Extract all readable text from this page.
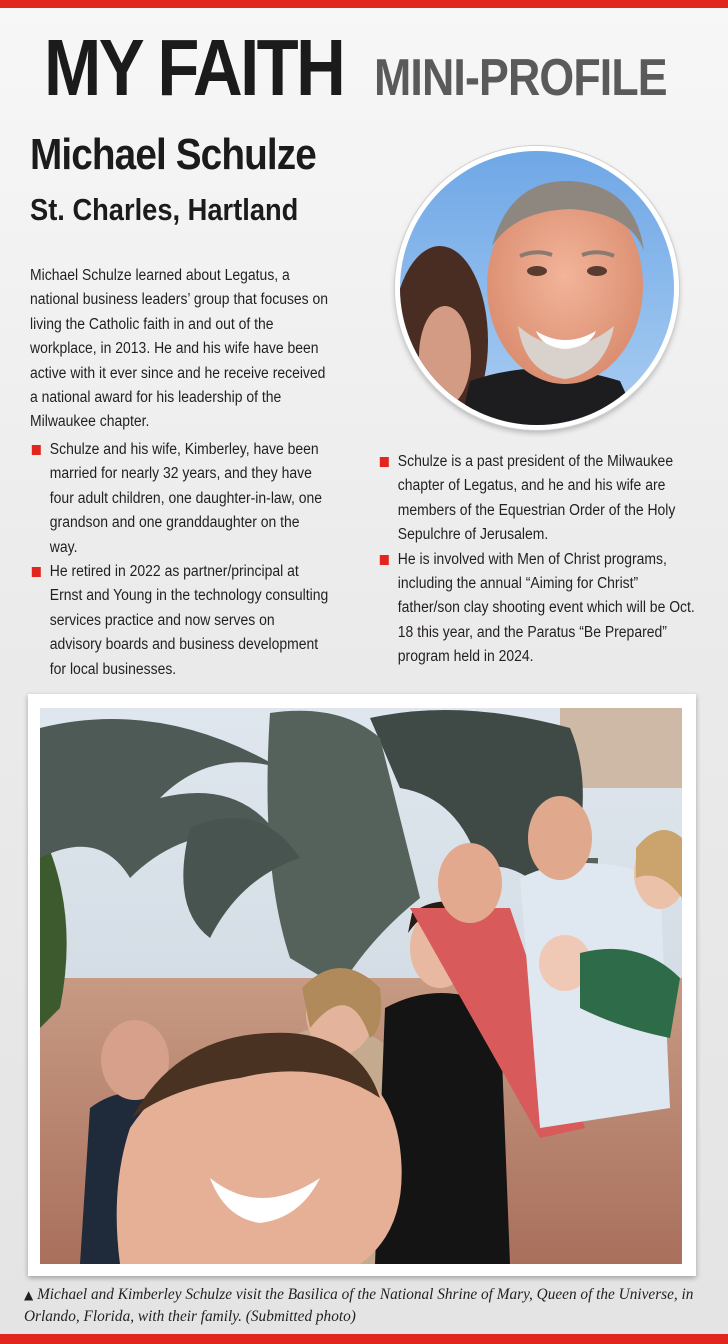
MY FAITH MINI-PROFILE
Michael Schulze
St. Charles, Hartland

Michael Schulze learned about Legatus, a national business leaders’ group that focuses on living the Catholic faith in and out of the workplace, in 2013. He and his wife have been active with it ever since and he receive received a national award for his leadership of the Milwaukee chapter.

Schulze and his wife, Kimberley, have been married for nearly 32 years, and they have four adult children, one daughter-in-law, one grandson and one granddaughter on the way.
He retired in 2022 as partner/principal at Ernst and Young in the technology consulting services practice and now serves on advisory boards and business development for local businesses.
Schulze is a past president of the Milwaukee chapter of Legatus, and he and his wife are members of the Equestrian Order of the Holy Sepulchre of Jerusalem.
He is involved with Men of Christ programs, including the annual “Aiming for Christ” father/son clay shooting event which will be Oct. 18 this year, and the Paratus “Be Prepared” program held in 2024.

▲ Michael and Kimberley Schulze visit the Basilica of the National Shrine of Mary, Queen of the Universe, in Orlando, Florida, with their family. (Submitted photo)
